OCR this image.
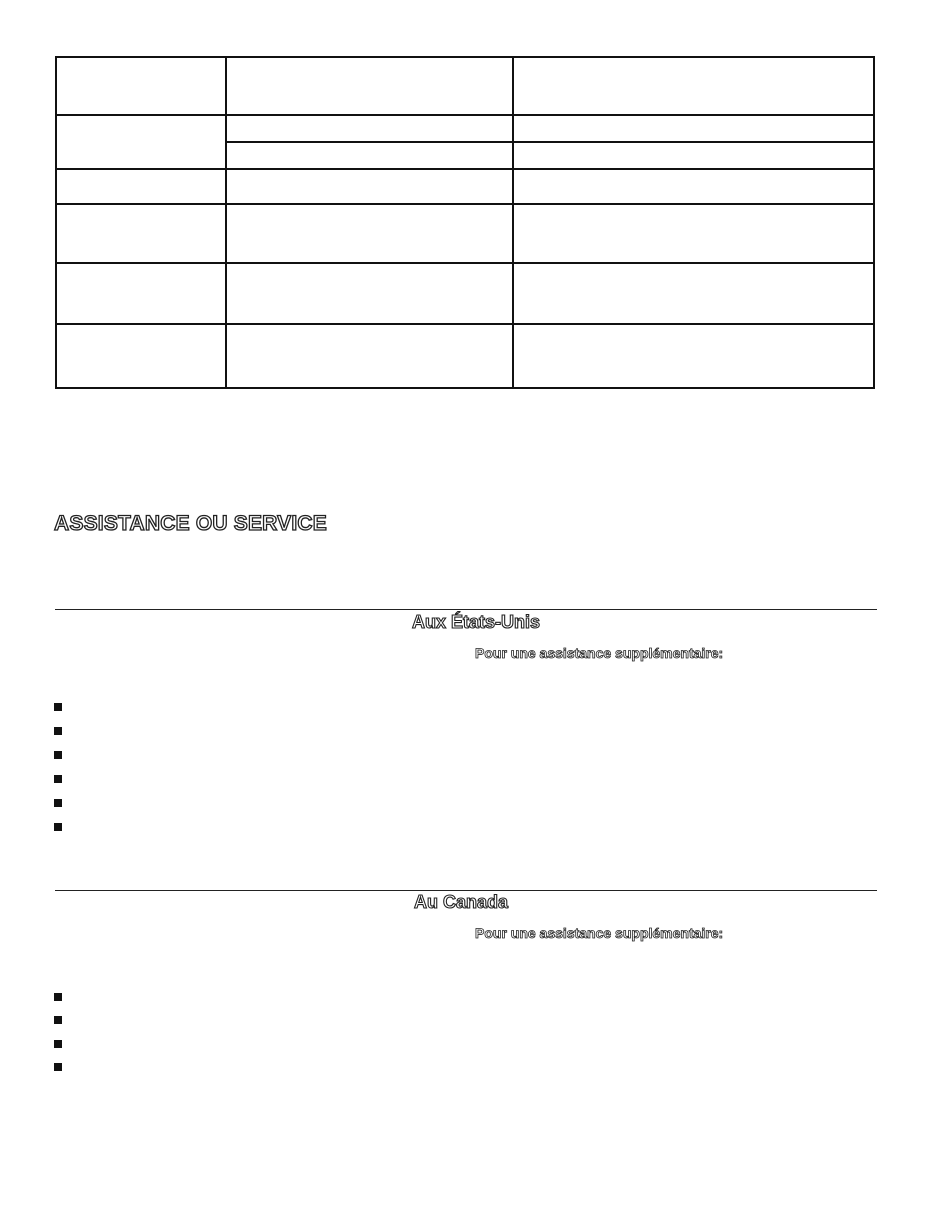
ASSISTANCE OU SERVICE
Aux États-Unis
Pour une assistance supplémentaire:
Au Canada
Pour une assistance supplémentaire:
